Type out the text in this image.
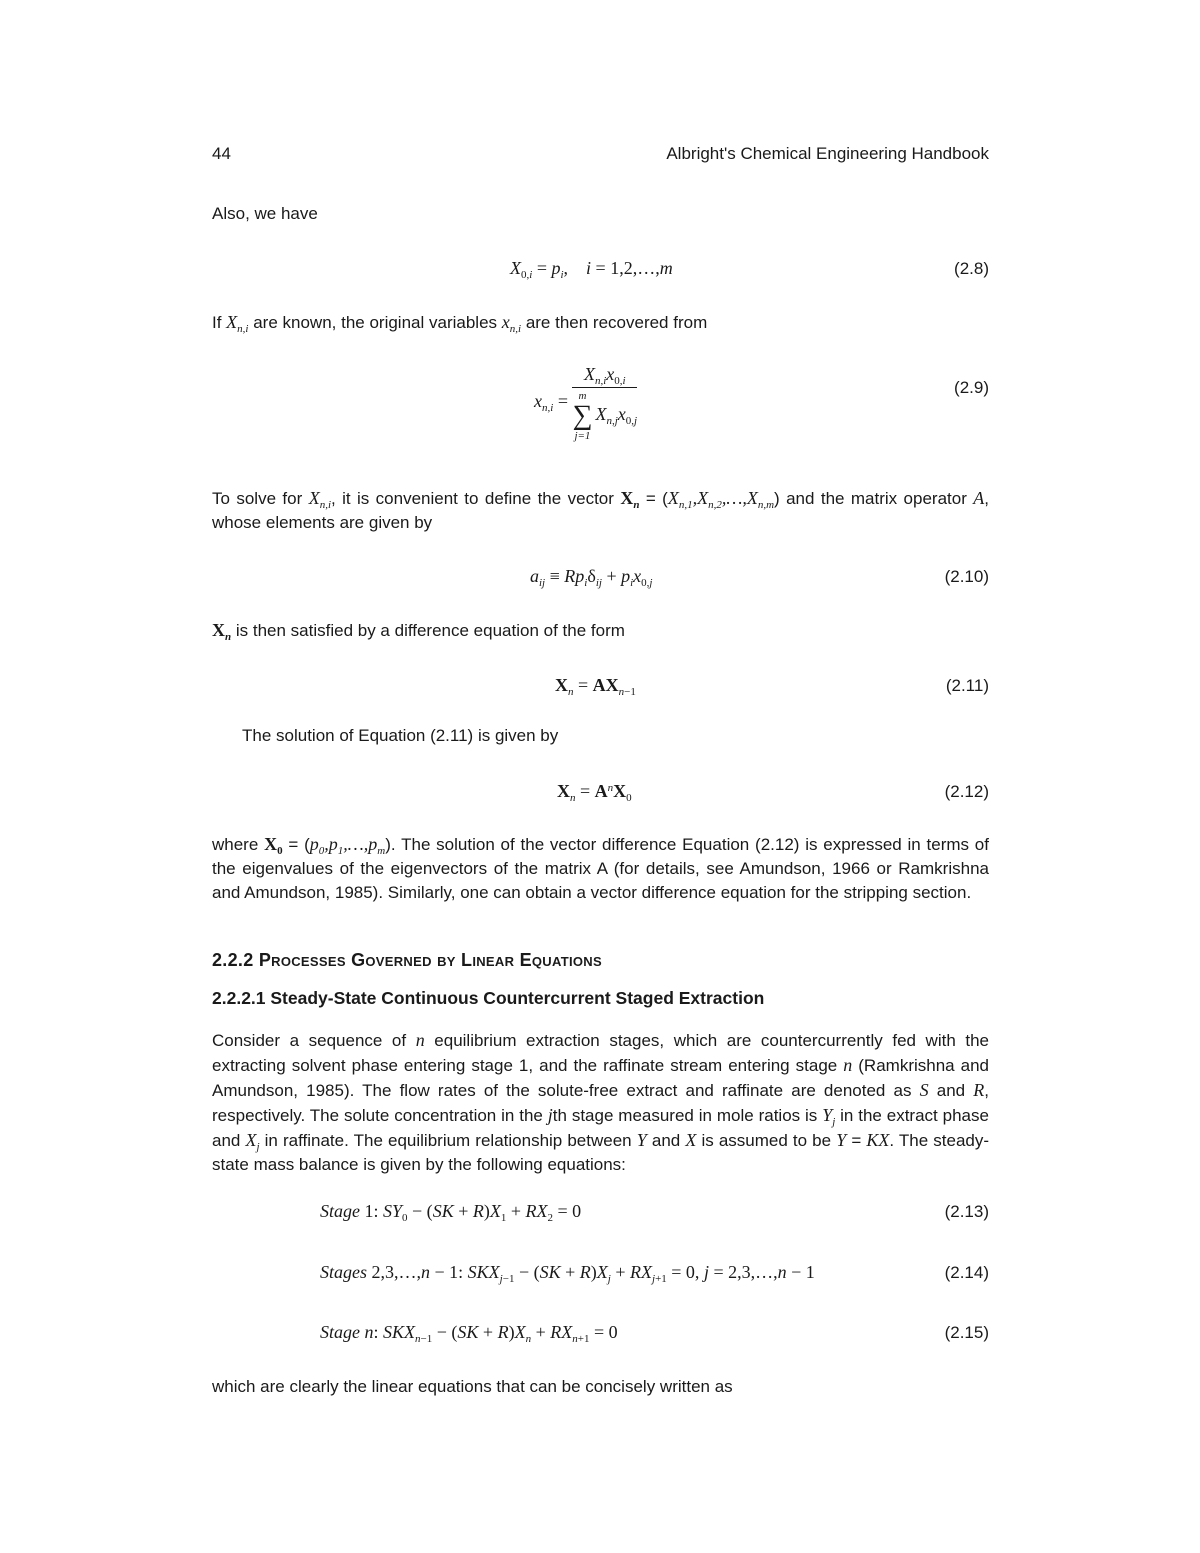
44	Albright's Chemical Engineering Handbook
Also, we have
$X_{0,i} = p_i$,    i = 1,2,…,m	(2.8)
If $X_{n,i}$ are known, the original variables $x_{n,i}$ are then recovered from
$x_{n,i} = X_{n,i}x_{0,i}$
m
∑
j=1
$X_{n,j}x_{0,j}$	(2.9)
To solve for $X_{n,i}$, it is convenient to define the vector $X_n$ = $(X_{n,1},X_{n,2},\dots,X_{n,m})$ and the matrix operator A, whose elements are given by
$a_{ij} \equiv Rp_i\delta_{ij} + p_ix_{0,j}$	(2.10)
$X_n$ is then satisfied by a difference equation of the form
$X_n = AX_{n-1}$	(2.11)
The solution of Equation (2.11) is given by
$X_n = A^nX_0$	(2.12)
where $X_0$ = $(p_0,p_1,\dots,p_m)$. The solution of the vector difference Equation (2.12) is expressed in terms of the eigenvalues of the eigenvectors of the matrix A (for details, see Amundson, 1966 or Ramkrishna and Amundson, 1985). Similarly, one can obtain a vector difference equation for the stripping section.
2.2.2 Processes Governed by Linear Equations
2.2.2.1 Steady-State Continuous Countercurrent Staged Extraction
Consider a sequence of n equilibrium extraction stages, which are countercurrently fed with the extracting solvent phase entering stage 1, and the raffinate stream entering stage n (Ramkrishna and Amundson, 1985). The flow rates of the solute-free extract and raffinate are denoted as S and R, respectively. The solute concentration in the jth stage measured in mole ratios is $Y_j$ in the extract phase and $X_j$ in raffinate. The equilibrium relationship between Y and X is assumed to be Y = KX. The steady-state mass balance is given by the following equations:
Stage 1: $SY_0 - (SK + R)X_1 + RX_2 = 0$	(2.13)
Stages 2,3,…,n − 1: $SKX_{j-1} - (SK + R)X_j + RX_{j+1} = 0$, j = 2,3,…,n − 1	(2.14)
Stage n: $SKX_{n-1} - (SK + R)X_n + RX_{n+1} = 0$	(2.15)
which are clearly the linear equations that can be concisely written as
